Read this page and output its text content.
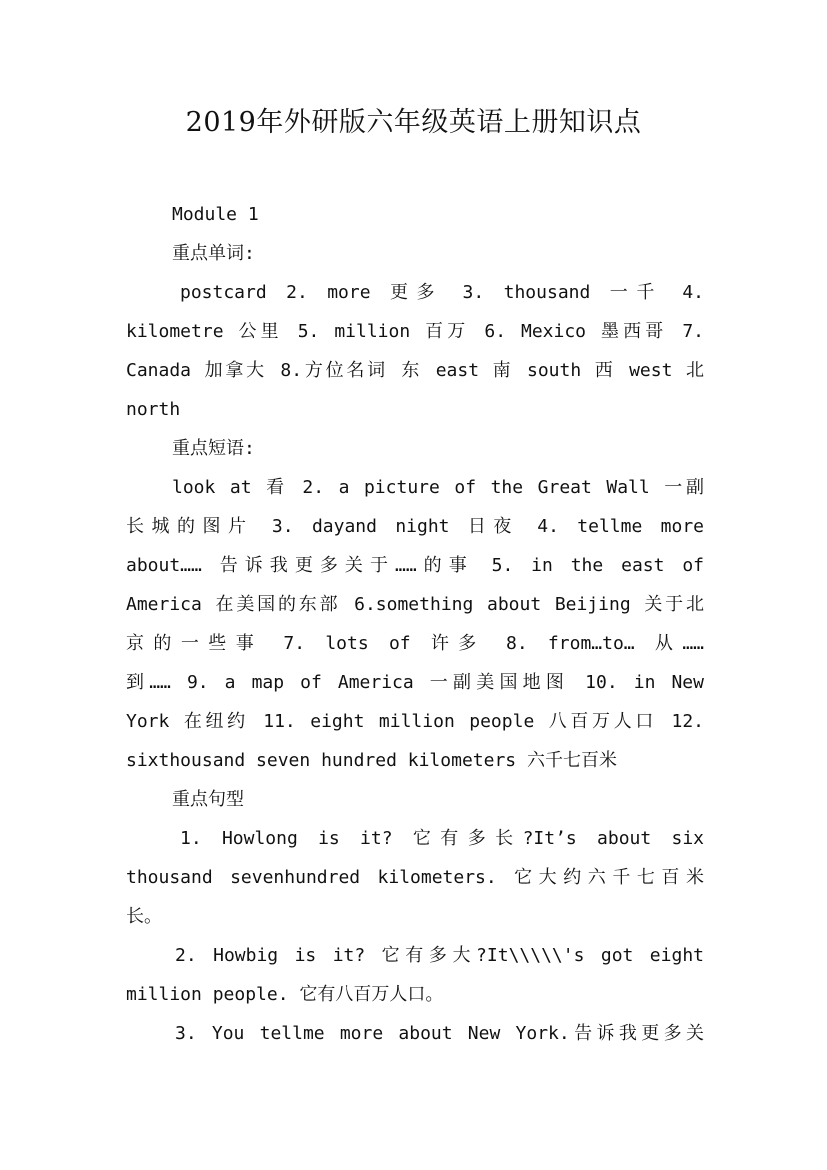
2019年外研版六年级英语上册知识点
Module 1
重点单词:
postcard 2. more 更多 3. thousand 一千 4.
kilometre 公里 5. million 百万 6. Mexico 墨西哥 7.
Canada 加拿大 8.方位名词 东 east 南 south 西 west 北
north
重点短语:
look at 看 2. a picture of the Great Wall 一副
长城的图片 3. dayand night 日夜 4. tellme more
about…… 告诉我更多关于……的事 5. in the east of
America 在美国的东部 6.something about Beijing 关于北
京的一些事 7. lots of 许多 8. from…to… 从……
到…… 9. a map of America 一副美国地图 10. in New
York 在纽约 11. eight million people 八百万人口 12.
sixthousand seven hundred kilometers 六千七百米
重点句型
1. Howlong is it? 它有多长?It’s about six
thousand sevenhundred kilometers. 它大约六千七百米
长。
2. Howbig is it? 它有多大?It\\\\\'s got eight
million people. 它有八百万人口。
3. You tellme more about New York.告诉我更多关
